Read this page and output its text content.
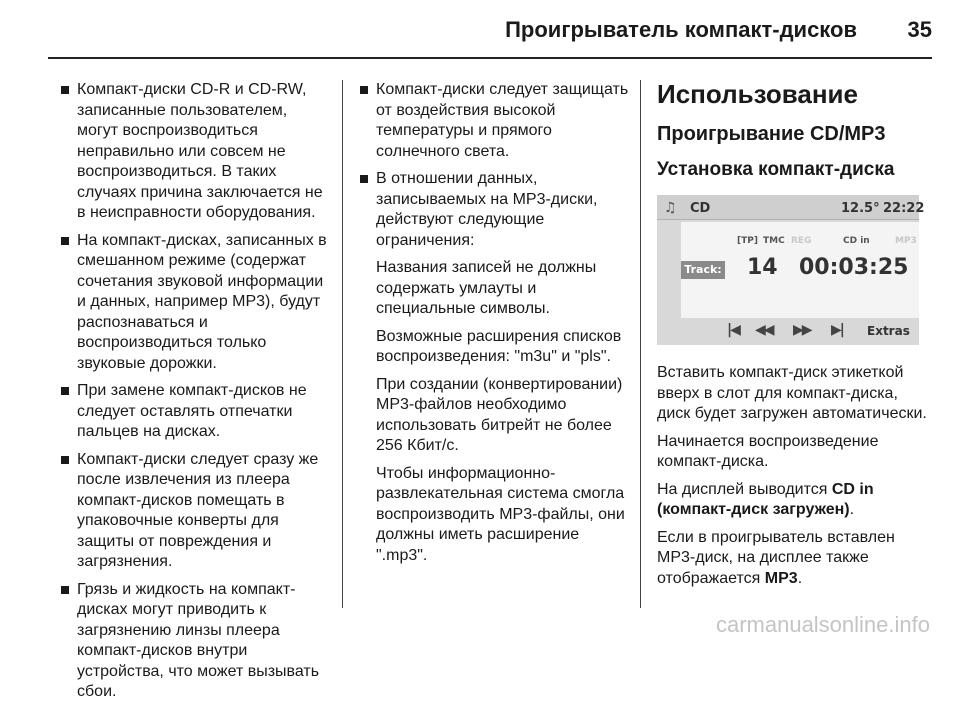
Проигрыватель компакт-дисков 35
Компакт-диски CD-R и CD-RW, записанные пользователем, могут воспроизводиться неправильно или совсем не воспроизводиться. В таких случаях причина заключается не в неисправности оборудования.
На компакт-дисках, записанных в смешанном режиме (содержат сочетания звуковой информации и данных, например MP3), будут распознаваться и воспроизводиться только звуковые дорожки.
При замене компакт-дисков не следует оставлять отпечатки пальцев на дисках.
Компакт-диски следует сразу же после извлечения из плеера компакт-дисков помещать в упаковочные конверты для защиты от повреждения и загрязнения.
Грязь и жидкость на компакт-дисках могут приводить к загрязнению линзы плеера компакт-дисков внутри устройства, что может вызывать сбои.
Компакт-диски следует защищать от воздействия высокой температуры и прямого солнечного света.
В отношении данных, записываемых на MP3-диски, действуют следующие ограничения:
Названия записей не должны содержать умлауты и специальные символы.
Возможные расширения списков воспроизведения: "m3u" и "pls".
При создании (конвертировании) MP3-файлов необходимо использовать битрейт не более 256 Кбит/с.
Чтобы информационно-развлекательная система смогла воспроизводить MP3-файлы, они должны иметь расширение ".mp3".
Использование
Проигрывание CD/MP3
Установка компакт-диска
♫ CD	12.5° 22:22
[TP] TMC REG	CD in	MP3
Track: 14 00:03:25
|◀ ◀◀ ▶▶ ▶| Extras
Вставить компакт-диск этикеткой вверх в слот для компакт-диска, диск будет загружен автоматически.
Начинается воспроизведение компакт-диска.
На дисплей выводится CD in (компакт-диск загружен).
Если в проигрыватель вставлен MP3-диск, на дисплее также отображается MP3.
carmanualsonline.info
